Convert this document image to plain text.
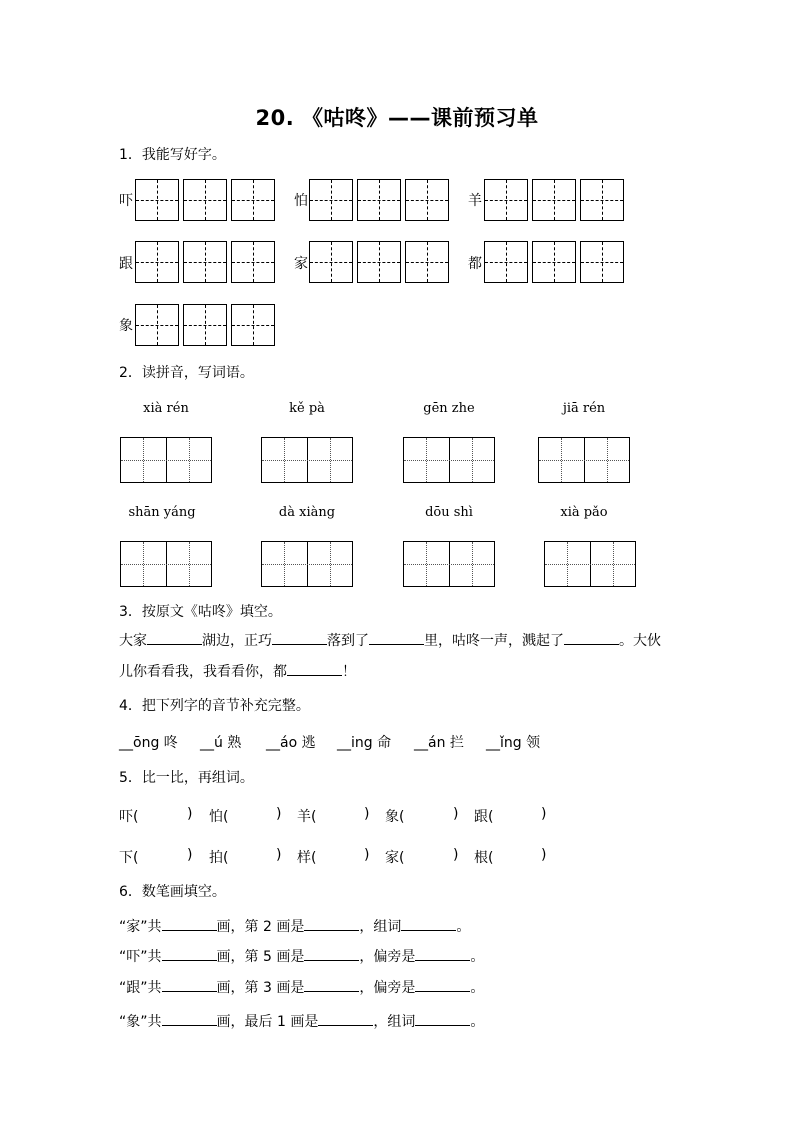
20. 《咕咚》——课前预习单
1．我能写好字。
吓	怕	羊
跟	家	都
象
2．读拼音，写词语。
xià rén	kě pà	gēn zhe	jiā rén
shān yáng	dà xiàng	dōu shì	xià pǎo
3．按原文《咕咚》填空。
大家	湖边，正巧	落到了	里，咕咚一声，溅起了	。大伙
儿你看看我，我看看你，都	！
4．把下列字的音节补充完整。
__ōng 咚 __ú 熟 __áo 逃 __ing 命 __án 拦 __ǐng 领
5．比一比，再组词。
吓(	) 怕(	) 羊(	) 象(	) 跟(	)
下(	) 拍(	) 样(	) 家(	) 根(	)
6．数笔画填空。
“家”共	画，第 2 画是	，组词	。
“吓”共	画，第 5 画是	，偏旁是	。
“跟”共	画，第 3 画是	，偏旁是	。
“象”共	画，最后 1 画是	，组词	。
